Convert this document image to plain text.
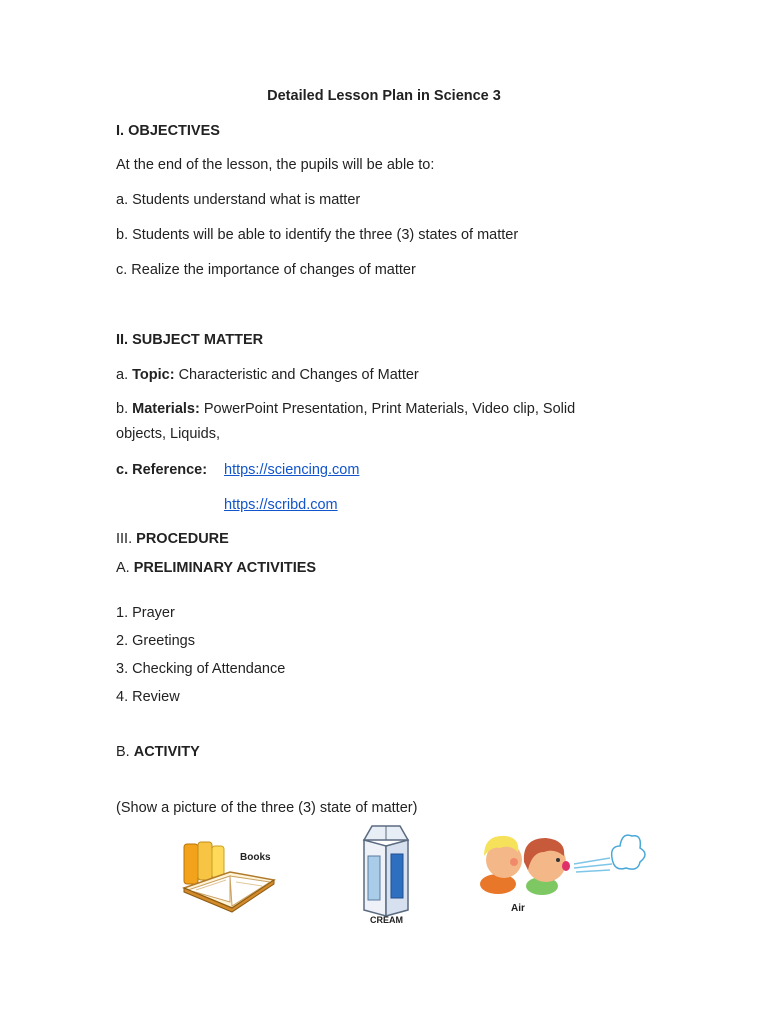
Detailed Lesson Plan in Science 3
I. OBJECTIVES
At the end of the lesson, the pupils will be able to:
a. Students understand what is matter
b. Students will be able to identify the three (3) states of matter
c. Realize the importance of changes of matter
II. SUBJECT MATTER
a. Topic: Characteristic and Changes of Matter
b. Materials: PowerPoint Presentation, Print Materials, Video clip, Solid objects, Liquids,
c. Reference: https://sciencing.com
https://scribd.com
III. PROCEDURE
A. PRELIMINARY ACTIVITIES
1. Prayer
2. Greetings
3. Checking of Attendance
4. Review
B. ACTIVITY
(Show a picture of the three (3) state of matter)
Books
CREAM
Air
